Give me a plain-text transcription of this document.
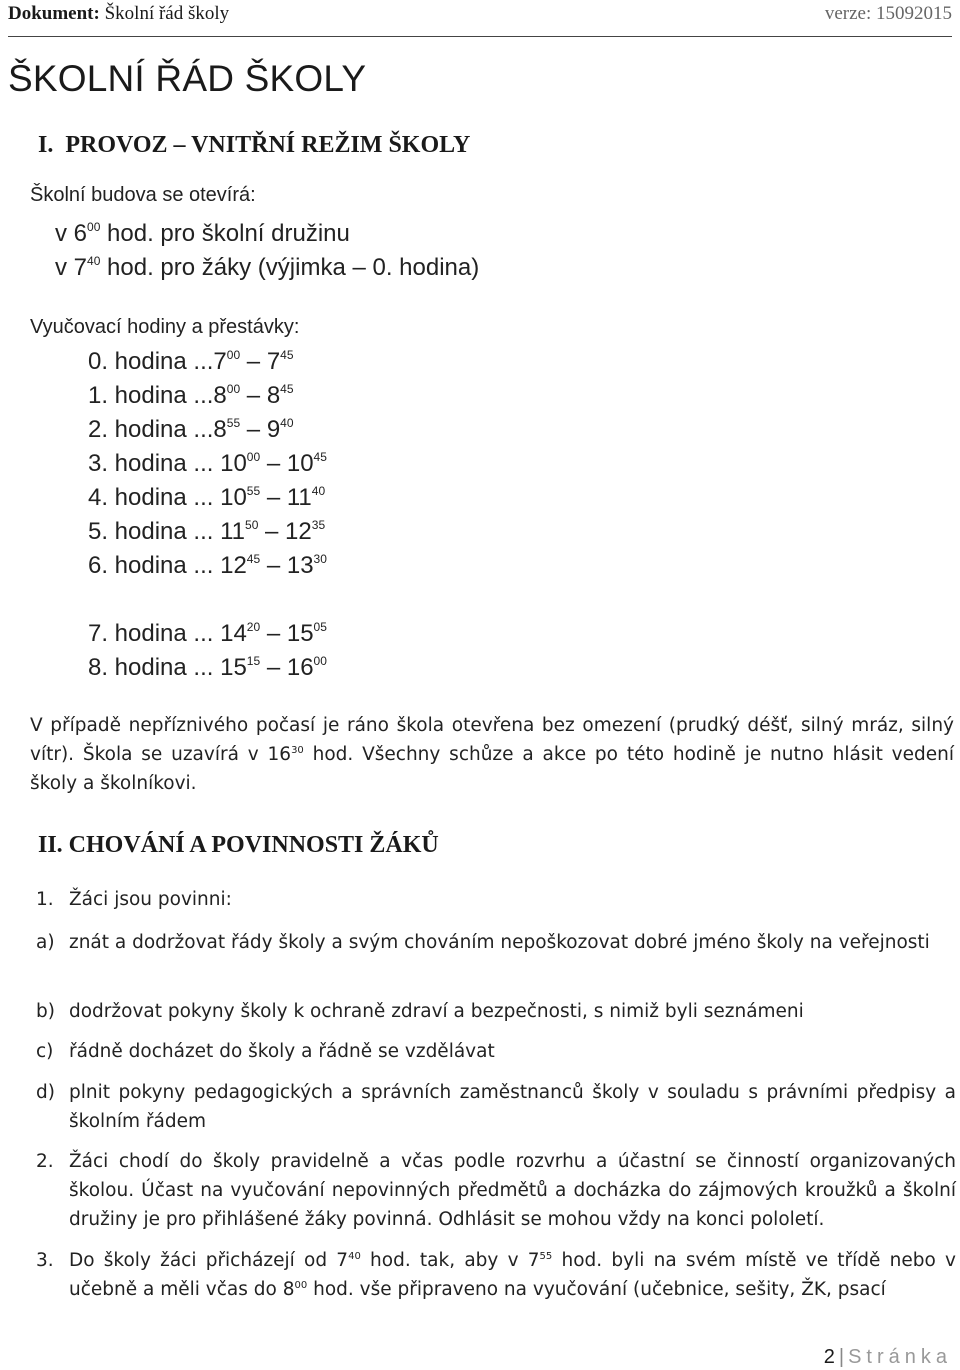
Dokument: Školní řád školy	verze: 15092015
ŠKOLNÍ ŘÁD ŠKOLY
I.  PROVOZ – VNITŘNÍ REŽIM ŠKOLY
Školní budova se otevírá:
v $6^{00}$ hod. pro školní družinu
v $7^{40}$ hod. pro žáky (výjimka – 0. hodina)
Vyučovací hodiny a přestávky:
0. hodina $...7^{00} - 7^{45}$
1. hodina $...8^{00} - 8^{45}$
2. hodina $...8^{55} - 9^{40}$
3. hodina ... $10^{00} - 10^{45}$
4. hodina ... $10^{55} - 11^{40}$
5. hodina ... $11^{50} - 12^{35}$
6. hodina ... $12^{45} - 13^{30}$
7. hodina ... $14^{20} - 15^{05}$
8. hodina ... $15^{15} - 16^{00}$
V případě nepříznivého počasí je ráno škola otevřena bez omezení (prudký déšť, silný mráz, silný vítr). Škola se uzavírá v $16^{30}$ hod. Všechny schůze a akce po této hodině je nutno hlásit vedení školy a školníkovi.
II. CHOVÁNÍ A POVINNOSTI ŽÁKŮ
1. Žáci jsou povinni:
a) znát a dodržovat řády školy a svým chováním nepoškozovat dobré jméno školy na veřejnosti
b) dodržovat pokyny školy k ochraně zdraví a bezpečnosti, s nimiž byli seznámeni
c) řádně docházet do školy a řádně se vzdělávat
d) plnit pokyny pedagogických a správních zaměstnanců školy v souladu s právními předpisy a školním řádem
2. Žáci chodí do školy pravidelně a včas podle rozvrhu a účastní se činností organizovaných školou. Účast na vyučování nepovinných předmětů a docházka do zájmových kroužků a školní družiny je pro přihlášené žáky povinná. Odhlásit se mohou vždy na konci pololetí.
3. Do školy žáci přicházejí od $7^{40}$ hod. tak, aby v $7^{55}$ hod. byli na svém místě ve třídě nebo v učebně a měli včas do $8^{00}$ hod. vše připraveno na vyučování (učebnice, sešity, ŽK, psací
2 | Stránka
